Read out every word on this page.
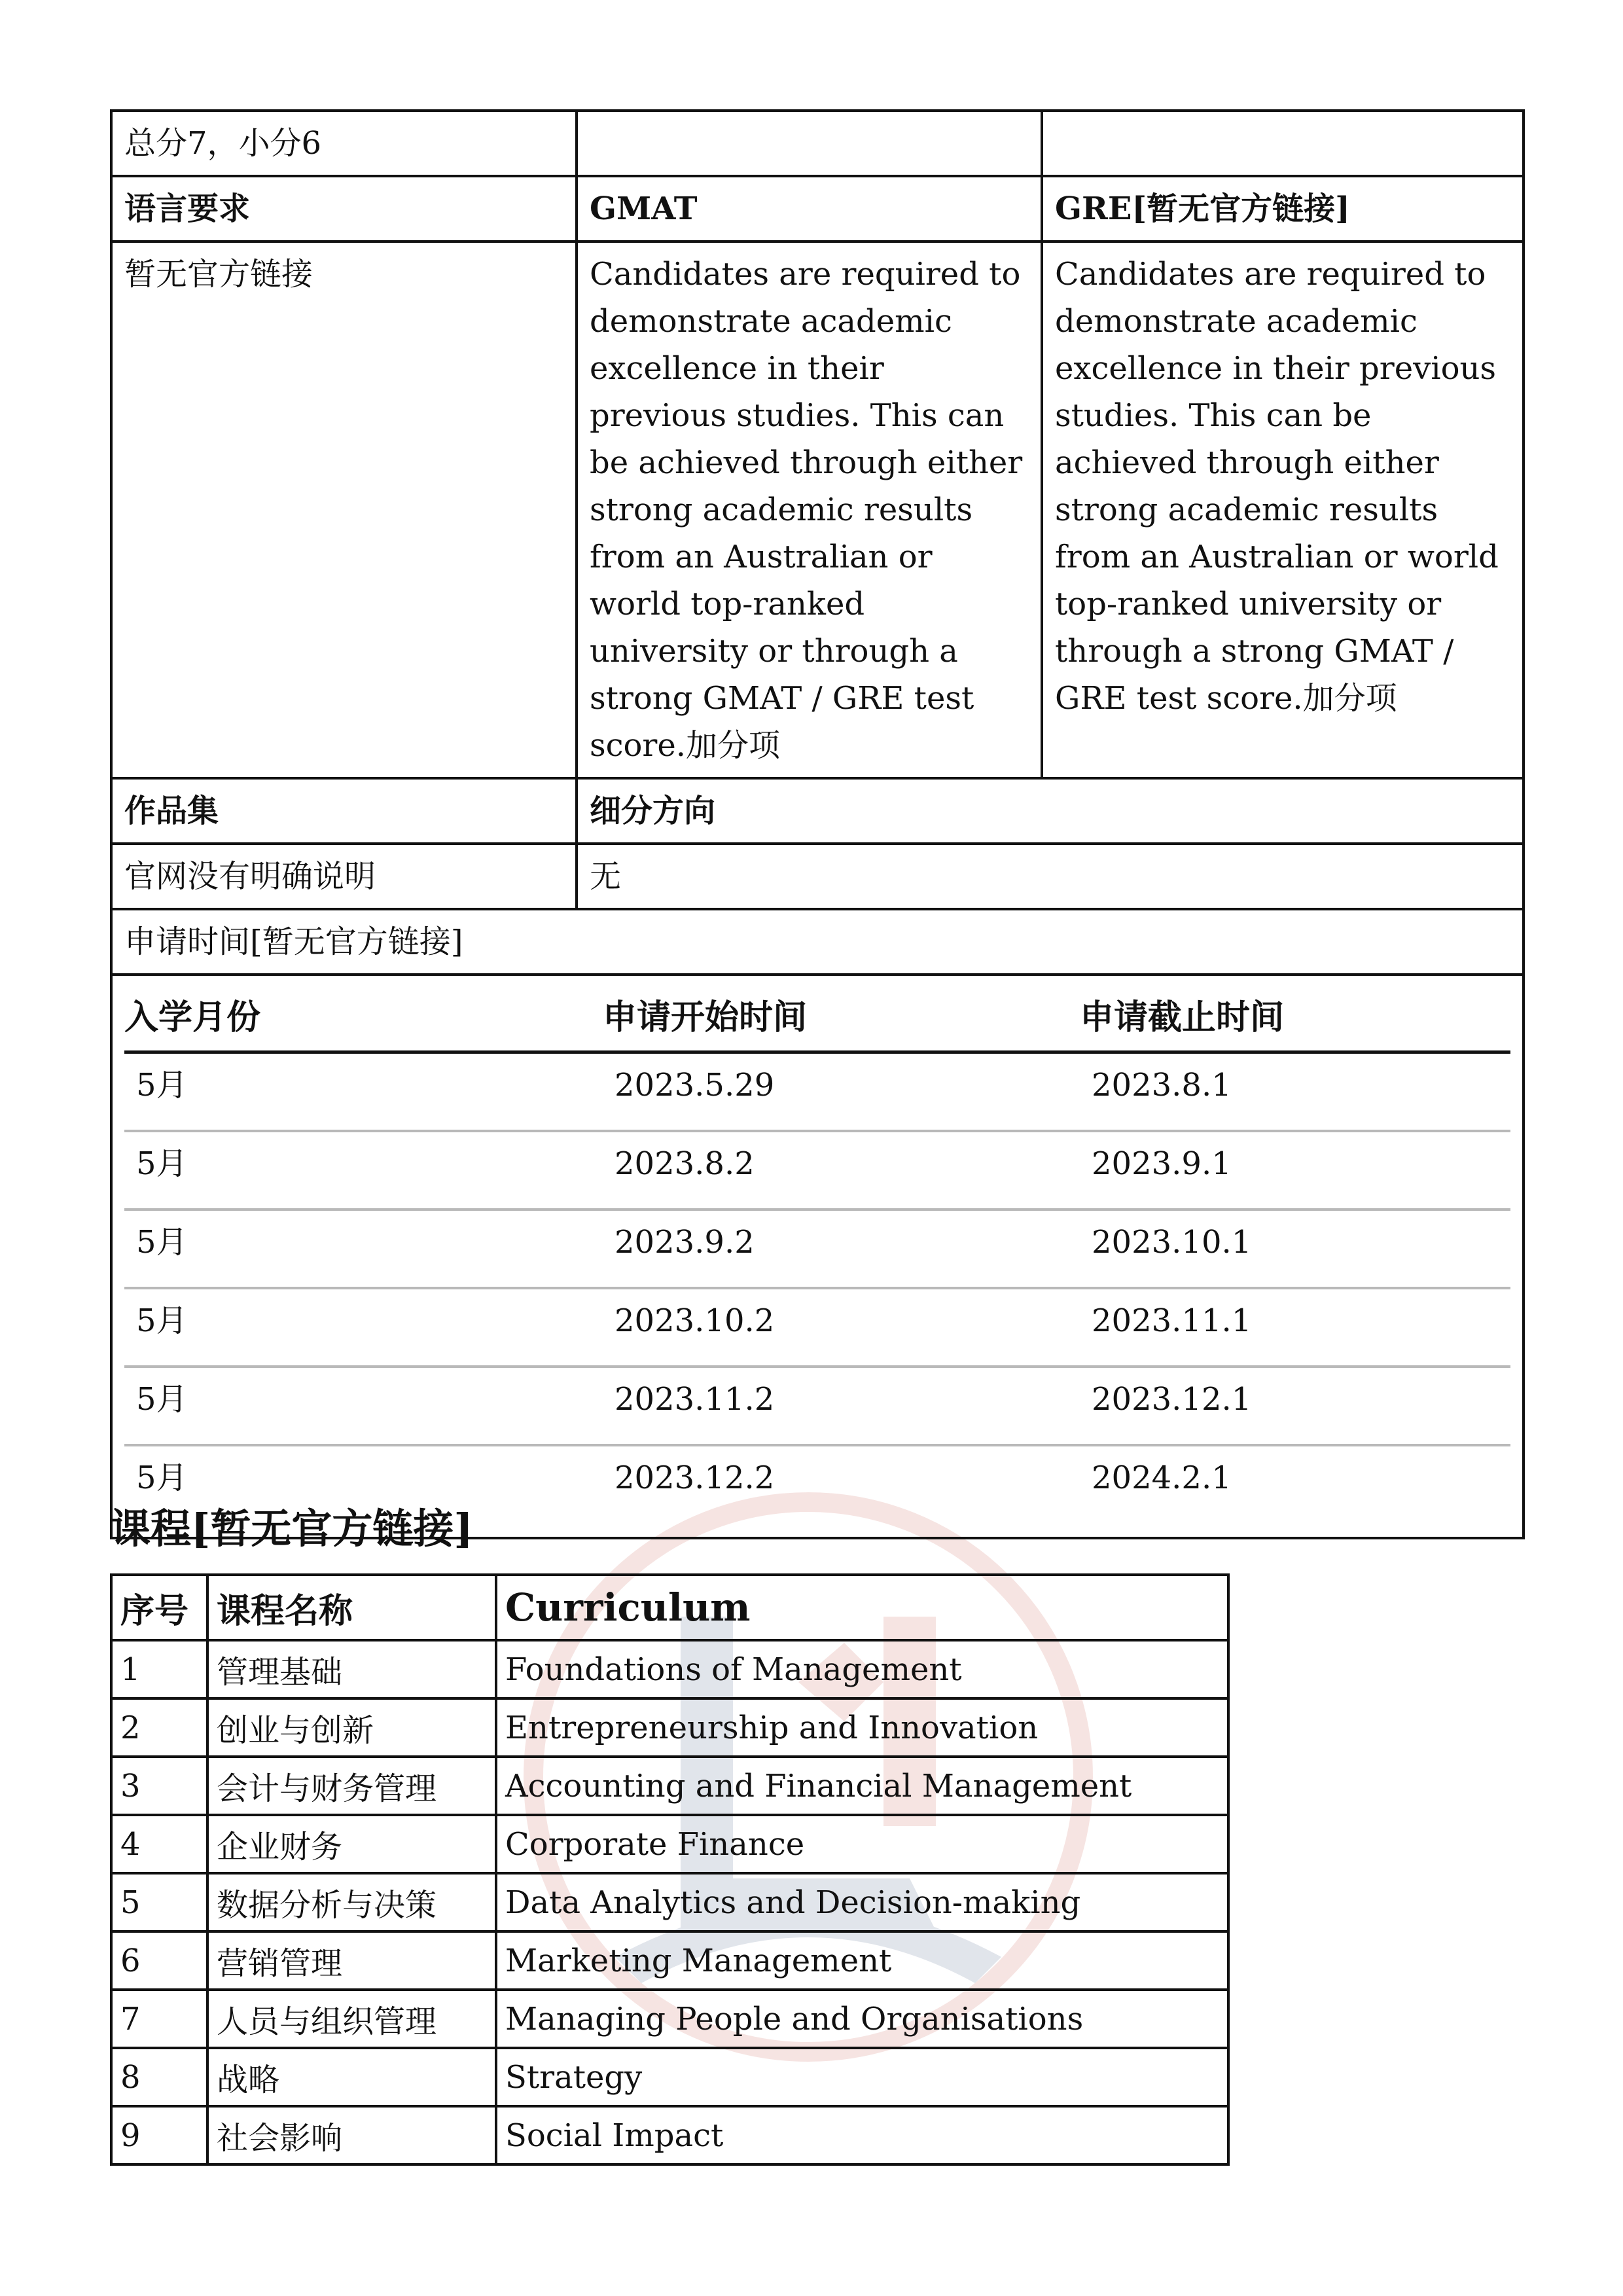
总分7，小分6		
语言要求	GMAT	GRE[暂无官方链接]
暂无官方链接	Candidates are required to demonstrate academic excellence in their previous studies. This can be achieved through either strong academic results from an Australian or world top-ranked university or through a strong GMAT / GRE test score.加分项	Candidates are required to demonstrate academic excellence in their previous studies. This can be achieved through either strong academic results from an Australian or world top-ranked university or through a strong GMAT / GRE test score.加分项
作品集	细分方向
官网没有明确说明	无
申请时间[暂无官方链接]

入学月份	申请开始时间	申请截止时间
5月	2023.5.29	2023.8.1
5月	2023.8.2	2023.9.1
5月	2023.9.2	2023.10.1
5月	2023.10.2	2023.11.1
5月	2023.11.2	2023.12.1
5月	2023.12.2	2024.2.1
课程[暂无官方链接]
序号	课程名称	Curriculum
1	管理基础	Foundations of Management
2	创业与创新	Entrepreneurship and Innovation
3	会计与财务管理	Accounting and Financial Management
4	企业财务	Corporate Finance
5	数据分析与决策	Data Analytics and Decision-making
6	营销管理	Marketing Management
7	人员与组织管理	Managing People and Organisations
8	战略	Strategy
9	社会影响	Social Impact
